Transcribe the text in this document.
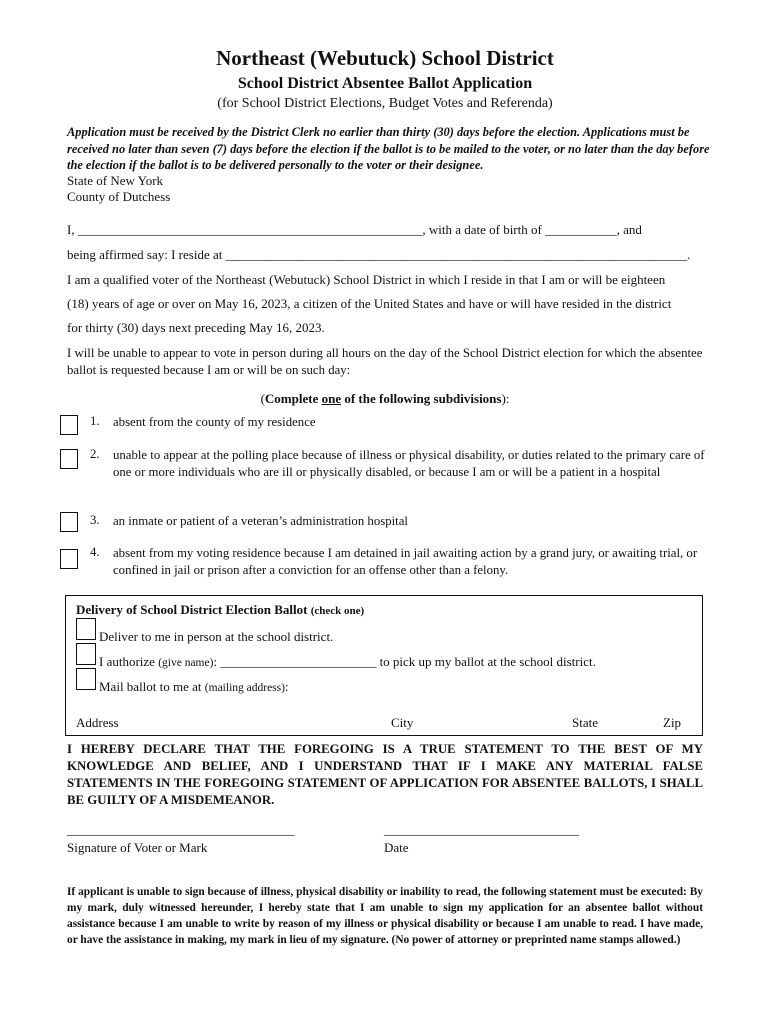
Northeast (Webutuck) School District
School District Absentee Ballot Application
(for School District Elections, Budget Votes and Referenda)
Application must be received by the District Clerk no earlier than thirty (30) days before the election. Applications must be received no later than seven (7) days before the election if the ballot is to be mailed to the voter, or no later than the day before the election if the ballot is to be delivered personally to the voter or their designee.
State of New York
County of Dutchess
I, _____________________________________________________, with a date of birth of ___________, and
being affirmed say: I reside at _______________________________________________________________________.
I am a qualified voter of the Northeast (Webutuck) School District in which I reside in that I am or will be eighteen
(18) years of age or over on May 16, 2023, a citizen of the United States and have or will have resided in the district
for thirty (30) days next preceding May 16, 2023.
I will be unable to appear to vote in person during all hours on the day of the School District election for which the absentee ballot is requested because I am or will be on such day:
(Complete one of the following subdivisions):
1. absent from the county of my residence
2. unable to appear at the polling place because of illness or physical disability, or duties related to the primary care of one or more individuals who are ill or physically disabled, or because I am or will be a patient in a hospital
3. an inmate or patient of a veteran’s administration hospital
4. absent from my voting residence because I am detained in jail awaiting action by a grand jury, or awaiting trial, or confined in jail or prison after a conviction for an offense other than a felony.
Delivery of School District Election Ballot (check one)
Deliver to me in person at the school district.
I authorize (give name): ________________________ to pick up my ballot at the school district.
Mail ballot to me at (mailing address):
Address	City	State	Zip
I HEREBY DECLARE THAT THE FOREGOING IS A TRUE STATEMENT TO THE BEST OF MY KNOWLEDGE AND BELIEF, AND I UNDERSTAND THAT IF I MAKE ANY MATERIAL FALSE STATEMENTS IN THE FOREGOING STATEMENT OF APPLICATION FOR ABSENTEE BALLOTS, I SHALL BE GUILTY OF A MISDEMEANOR.
___________________________________
Signature of Voter or Mark
______________________________
Date
If applicant is unable to sign because of illness, physical disability or inability to read, the following statement must be executed: By my mark, duly witnessed hereunder, I hereby state that I am unable to sign my application for an absentee ballot without assistance because I am unable to write by reason of my illness or physical disability or because I am unable to read. I have made, or have the assistance in making, my mark in lieu of my signature. (No power of attorney or preprinted name stamps allowed.)
